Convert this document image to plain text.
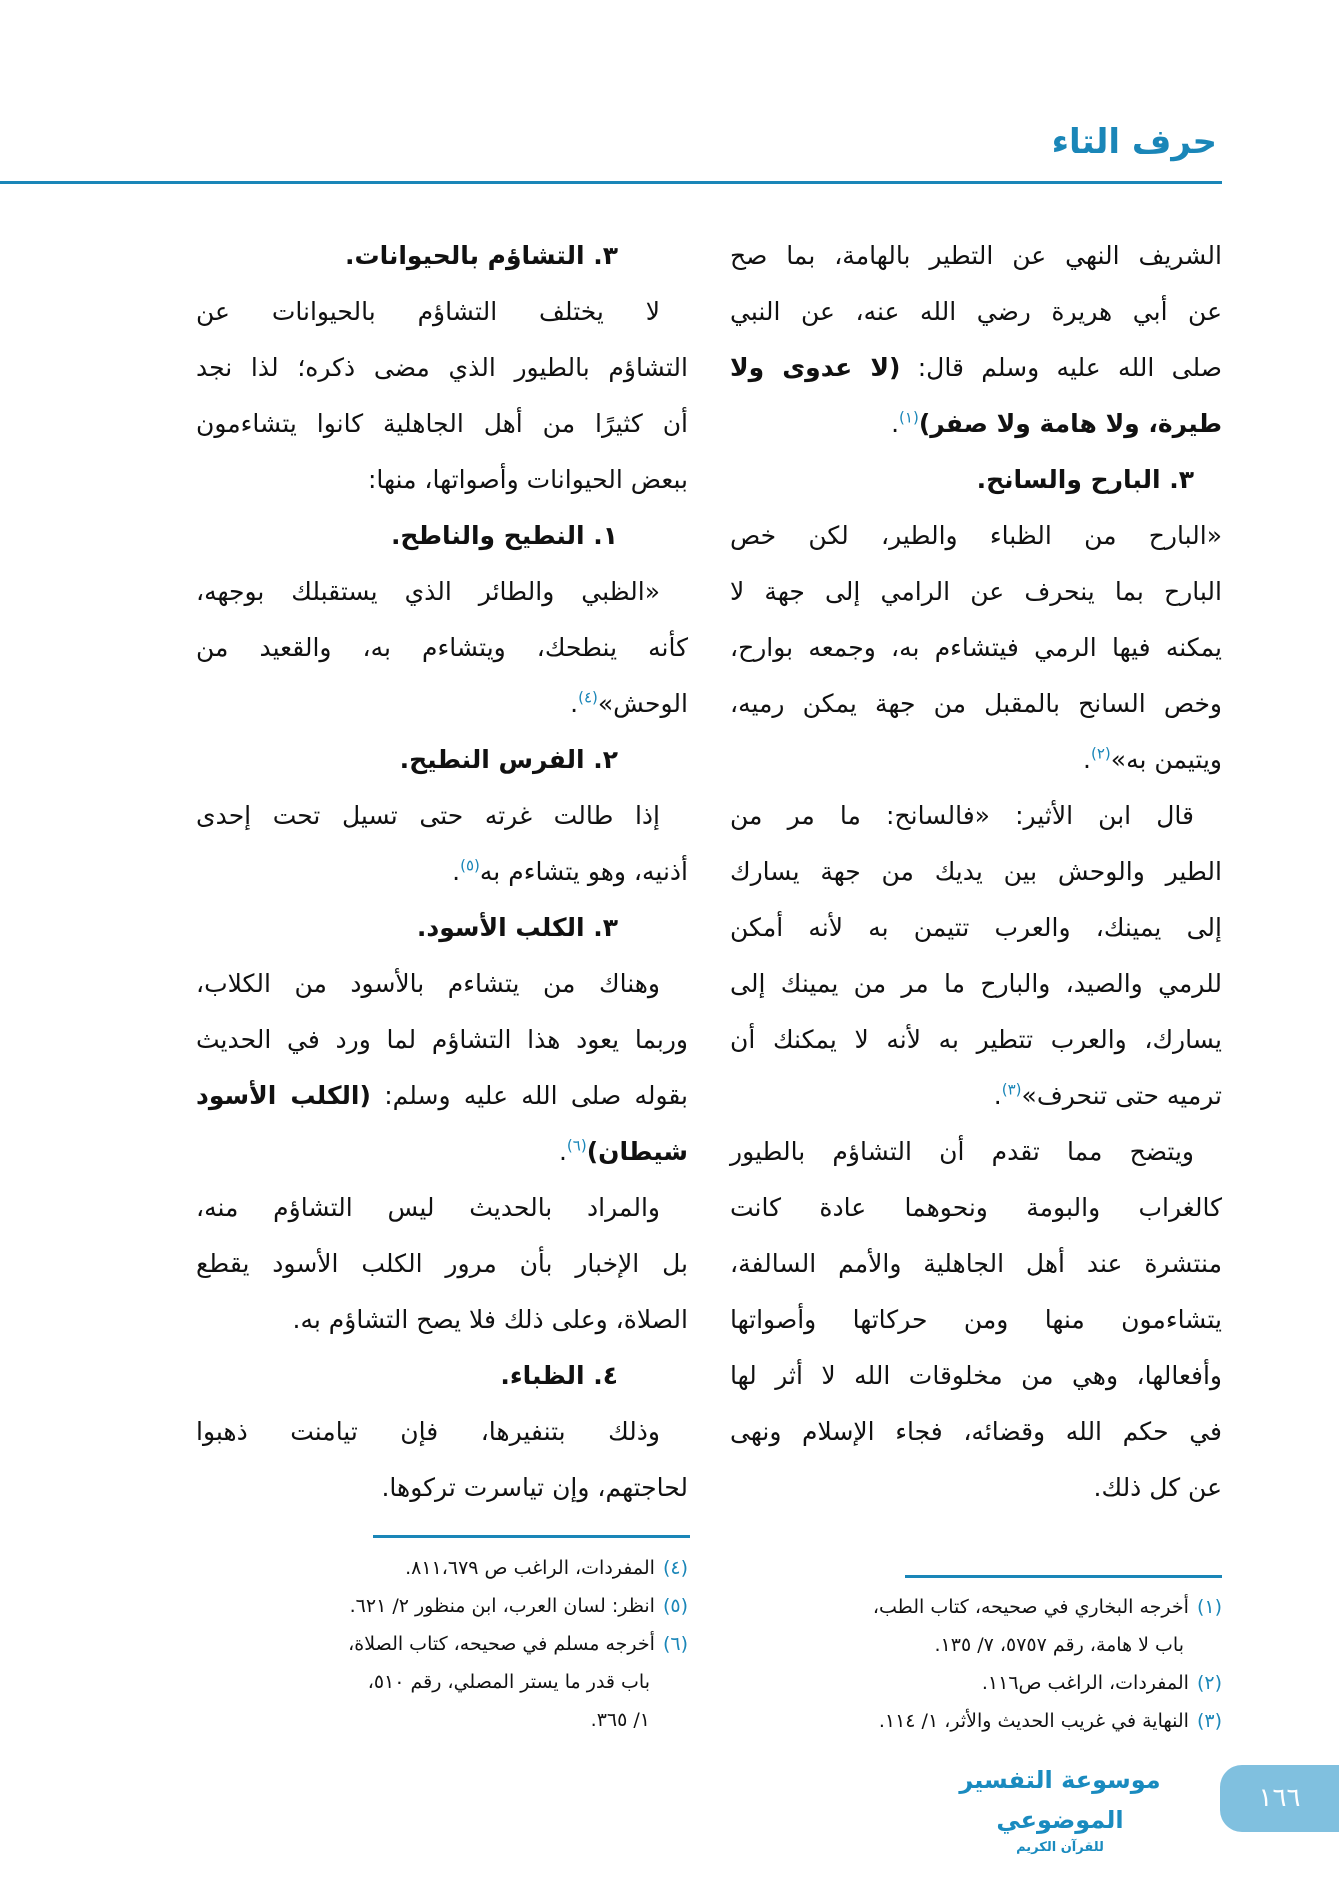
حرف التاء
الشريف النهي عن التطير بالهامة، بما صح
عن أبي هريرة رضي الله عنه، عن النبي
صلى الله عليه وسلم قال: (لا عدوى ولا
طيرة، ولا هامة ولا صفر)$^{(١)}$.
٣. البارح والسانح.
«البارح من الظباء والطير، لكن خص
البارح بما ينحرف عن الرامي إلى جهة لا
يمكنه فيها الرمي فيتشاءم به، وجمعه بوارح،
وخص السانح بالمقبل من جهة يمكن رميه،
ويتيمن به»$^{(٢)}$.
قال ابن الأثير: «فالسانح: ما مر من
الطير والوحش بين يديك من جهة يسارك
إلى يمينك، والعرب تتيمن به لأنه أمكن
للرمي والصيد، والبارح ما مر من يمينك إلى
يسارك، والعرب تتطير به لأنه لا يمكنك أن
ترميه حتى تنحرف»$^{(٣)}$.
ويتضح مما تقدم أن التشاؤم بالطيور
كالغراب والبومة ونحوهما عادة كانت
منتشرة عند أهل الجاهلية والأمم السالفة،
يتشاءمون منها ومن حركاتها وأصواتها
وأفعالها، وهي من مخلوقات الله لا أثر لها
في حكم الله وقضائه، فجاء الإسلام ونهى
عن كل ذلك.
٣. التشاؤم بالحيوانات.
لا يختلف التشاؤم بالحيوانات عن
التشاؤم بالطيور الذي مضى ذكره؛ لذا نجد
أن كثيرًا من أهل الجاهلية كانوا يتشاءمون
ببعض الحيوانات وأصواتها، منها:
١. النطيح والناطح.
«الظبي والطائر الذي يستقبلك بوجهه،
كأنه ينطحك، ويتشاءم به، والقعيد من
الوحش»$^{(٤)}$.
٢. الفرس النطيح.
إذا طالت غرته حتى تسيل تحت إحدى
أذنيه، وهو يتشاءم به$^{(٥)}$.
٣. الكلب الأسود.
وهناك من يتشاءم بالأسود من الكلاب،
وربما يعود هذا التشاؤم لما ورد في الحديث
بقوله صلى الله عليه وسلم: (الكلب الأسود
شيطان)$^{(٦)}$.
والمراد بالحديث ليس التشاؤم منه،
بل الإخبار بأن مرور الكلب الأسود يقطع
الصلاة، وعلى ذلك فلا يصح التشاؤم به.
٤. الظباء.
وذلك بتنفيرها، فإن تيامنت ذهبوا
لحاجتهم، وإن تياسرت تركوها.
(١)أخرجه البخاري في صحيحه، كتاب الطب،
باب لا هامة، رقم ٥٧٥٧، ٧/ ١٣٥.
(٢)المفردات، الراغب ص١١٦.
(٣)النهاية في غريب الحديث والأثر، ١/ ١١٤.
(٤)المفردات، الراغب ص ٨١١،٦٧٩.
(٥)انظر: لسان العرب، ابن منظور ٢/ ٦٢١.
(٦)أخرجه مسلم في صحيحه، كتاب الصلاة،
باب قدر ما يستر المصلي، رقم ٥١٠،
١/ ٣٦٥.
موسوعة التفسير الموضوعي
للقرآن الكريم
١٦٦
